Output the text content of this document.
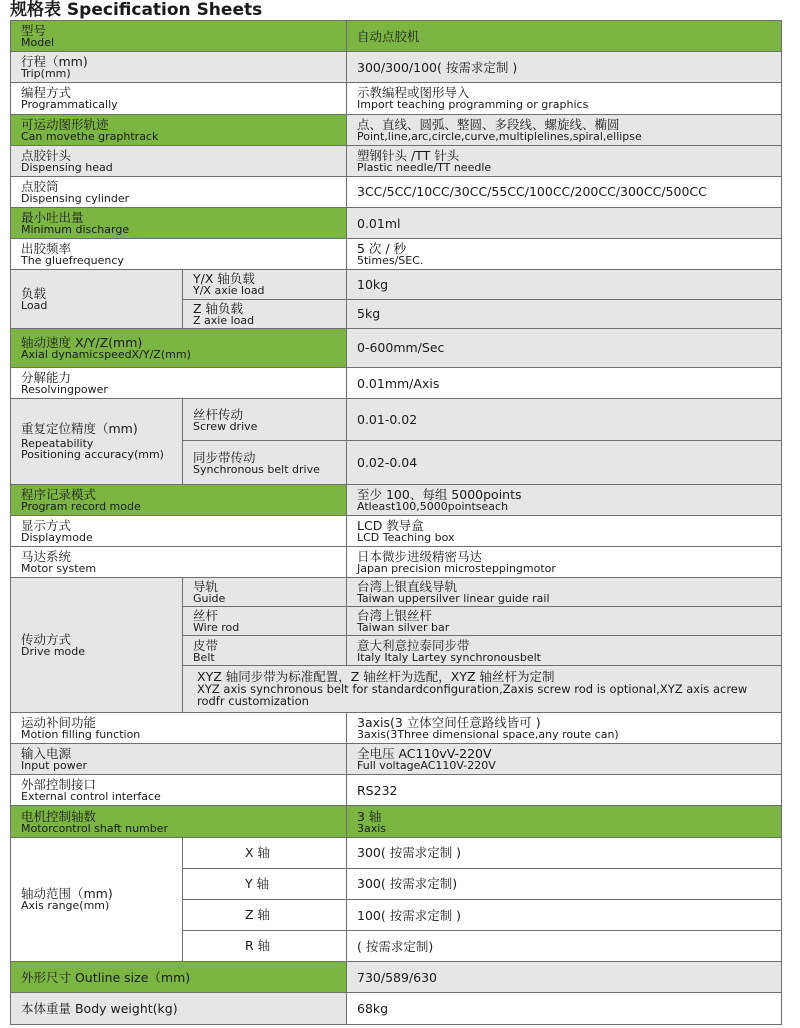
规格表 Specification Sheets
型号
Model		自动点胶机

行程（mm)
Trip(mm)		300/300/100( 按需求定制 )

编程方式
Programmatically		示教编程或图形导入
Import teaching programming or graphics

可运动图形轨迹
Can movethe graphtrack		点、直线、圆弧、整圆、多段线、螺旋线、椭圆
Point,line,arc,circle,curve,multiplelines,spiral,ellipse

点胶针头
Dispensing head		塑钢针头 /TT 针头
Plastic needle/TT needle

点胶筒
Dispensing cylinder		3CC/5CC/10CC/30CC/55CC/100CC/200CC/300CC/500CC

最小吐出量
Minimum discharge		0.01ml

出胶频率
The gluefrequency		5 次 / 秒
5times/SEC.

负载
Load	Y/X 轴负载
Y/X axie load	10kg

	Z 轴负载
Z axie load	5kg

轴动速度 X/Y/Z(mm)
Axial dynamicspeedX/Y/Z(mm)		0-600mm/Sec

分解能力
Resolvingpower		0.01mm/Axis

重复定位精度（mm)
Repeatability
Positioning accuracy(mm)	丝杆传动
Screw drive	0.01-0.02

	同步带传动
Synchronous belt drive	0.02-0.04

程序记录模式
Program record mode		至少 100、每组 5000points
Atleast100,5000pointseach

显示方式
Displaymode		LCD 教导盒
LCD Teaching box

马达系统
Motor system		日本微步进级精密马达
Japan precision microsteppingmotor

传动方式
Drive mode	导轨
Guide	台湾上银直线导轨
Taiwan uppersilver linear guide rail

	丝杆
Wire rod	台湾上银丝杆
Taiwan silver bar

	皮带
Belt	意大利意拉泰同步带
Italy Italy Lartey synchronousbelt

	XYZ 轴同步带为标准配置，Z 轴丝杆为选配，XYZ 轴丝杆为定制
XYZ axis synchronous belt for standardconfiguration,Zaxis screw rod is optional,XYZ axis acrew rodfr customization	

运动补间功能
Motion filling function		3axis(3 立体空间任意路线皆可 )
3axis(3Three dimensional space,any route can)

输入电源
Input power		全电压 AC110vV-220V
Full voltageAC110V-220V

外部控制接口
External control interface		RS232

电机控制轴数
Motorcontrol shaft number		3 轴
3axis

轴动范围（mm)
Axis range(mm)	X 轴	300( 按需求定制 )

	Y 轴	300( 按需求定制)

	Z 轴	100( 按需求定制 )

	R 轴	( 按需求定制)

外形尺寸 Outline size（mm)		730/589/630

本体重量 Body weight(kg)		68kg
